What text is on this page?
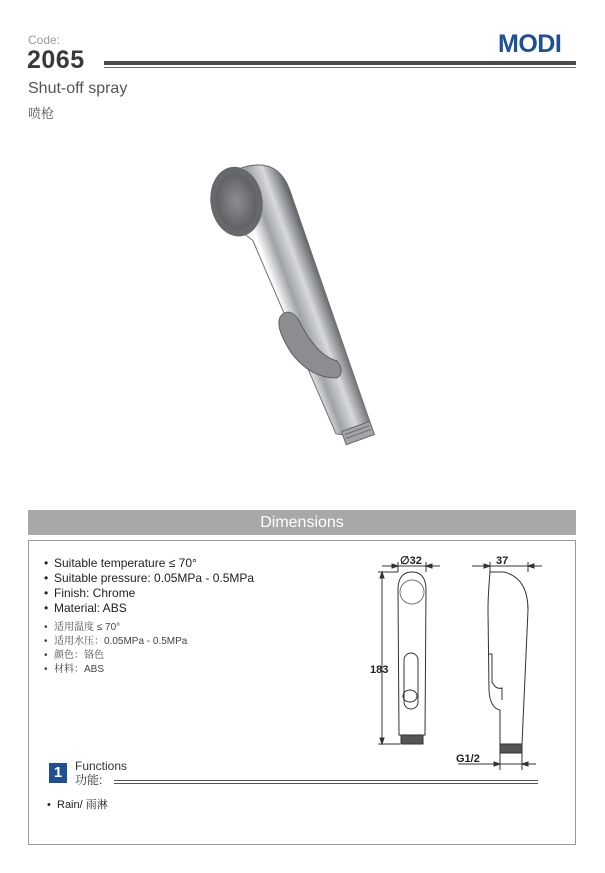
Code:
2065
MODI
Shut-off spray
喷枪
Dimensions
• Suitable temperature ≤ 70°
• Suitable pressure: 0.05MPa - 0.5MPa
• Finish: Chrome
• Material: ABS
• 适用温度 ≤ 70°
• 适用水压：0.05MPa - 0.5MPa
• 颜色：铬色
• 材料：ABS
∅32	37
183
G1/2
1	Functions
功能:
• Rain/ 雨淋
